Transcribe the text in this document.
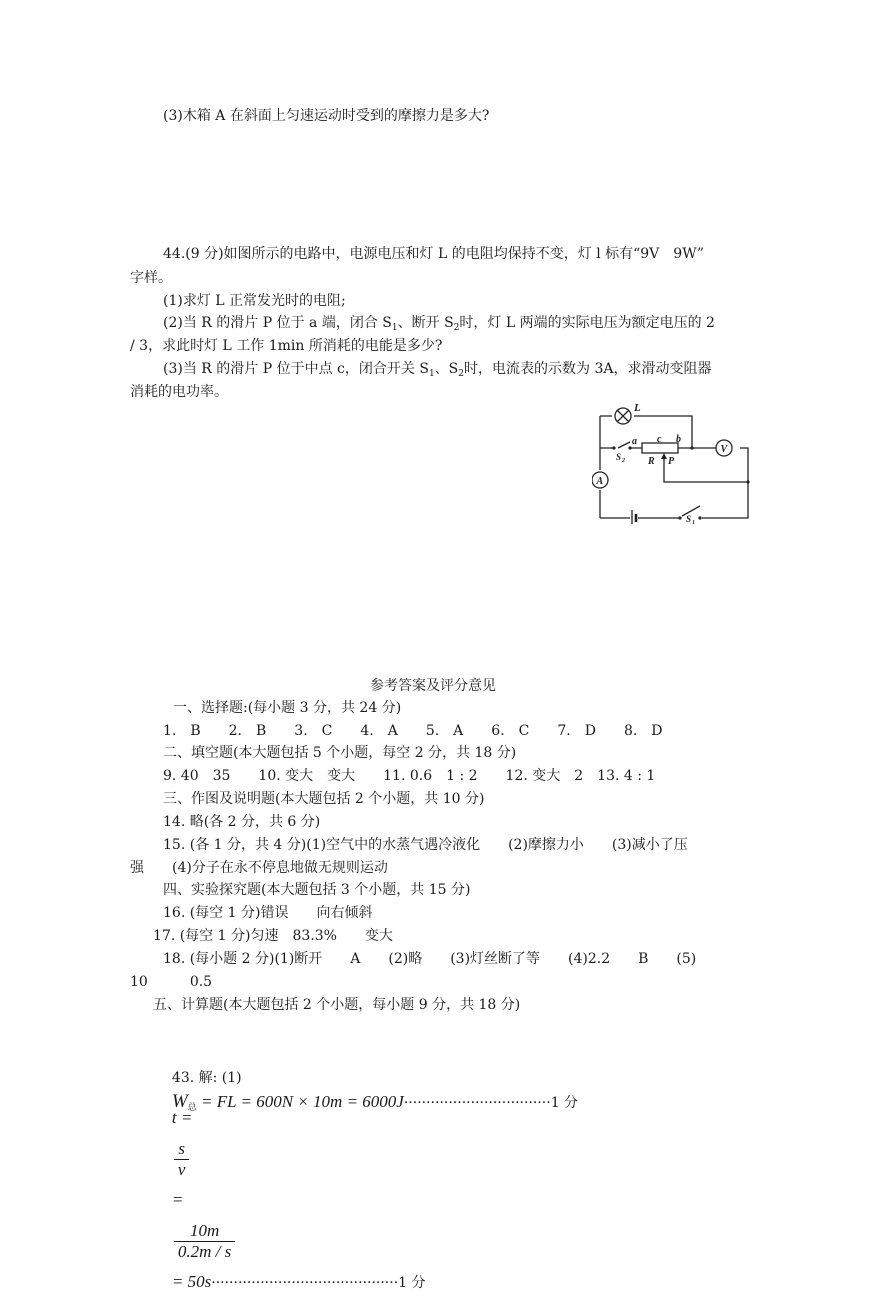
(3)木箱 A 在斜面上匀速运动时受到的摩擦力是多大?
44.(9 分)如图所示的电路中，电源电压和灯 L 的电阻均保持不变，灯 l 标有“9V　9W”
字样。
(1)求灯 L 正常发光时的电阻;
(2)当 R 的滑片 P 位于 a 端，闭合 $S_1$、断开 $S_2$时，灯 L 两端的实际电压为额定电压的 2
/ 3，求此时灯 L 工作 1min 所消耗的电能是多少?
(3)当 R 的滑片 P 位于中点 c，闭合开关 $S_1$、$S_2$时，电流表的示数为 3A，求滑动变阻器
消耗的电功率。
L
a c b
R P
S 2
S 1
V
A
参考答案及评分意见
一、选择题:(每小题 3 分，共 24 分)
1.　B　　2.　B　　3.　C　　4.　A　　5.　A　　6.　C　　7.　D　　8.　D
二、填空题(本大题包括 5 个小题，每空 2 分，共 18 分)
9. 40　35　　10. 变大　变大　　11. 0.6　1 : 2　　12. 变大　2　13. 4 : 1
三、作图及说明题(本大题包括 2 个小题，共 10 分)
14. 略(各 2 分，共 6 分)
15. (各 1 分，共 4 分)(1)空气中的水蒸气遇冷液化　　(2)摩擦力小　　(3)减小了压
强　　(4)分子在永不停息地做无规则运动
四、实验探究题(本大题包括 3 个小题，共 15 分)
16. (每空 1 分)错误　　向右倾斜
17. (每空 1 分)匀速　83.3%　　变大
18. (每小题 2 分)(1)断开　　A　　(2)略　　(3)灯丝断了等　　(4)2.2　　B　　(5)
10　　　0.5
五、计算题(本大题包括 2 个小题，每小题 9 分，共 18 分)

43. 解: (1)
t =

$\frac{s}{v}$

=

$\frac{10m}{0.2m / s}$

= 50s··········································1 分

$W_总$ = FL = 600N × 10m = 6000J·································1 分
